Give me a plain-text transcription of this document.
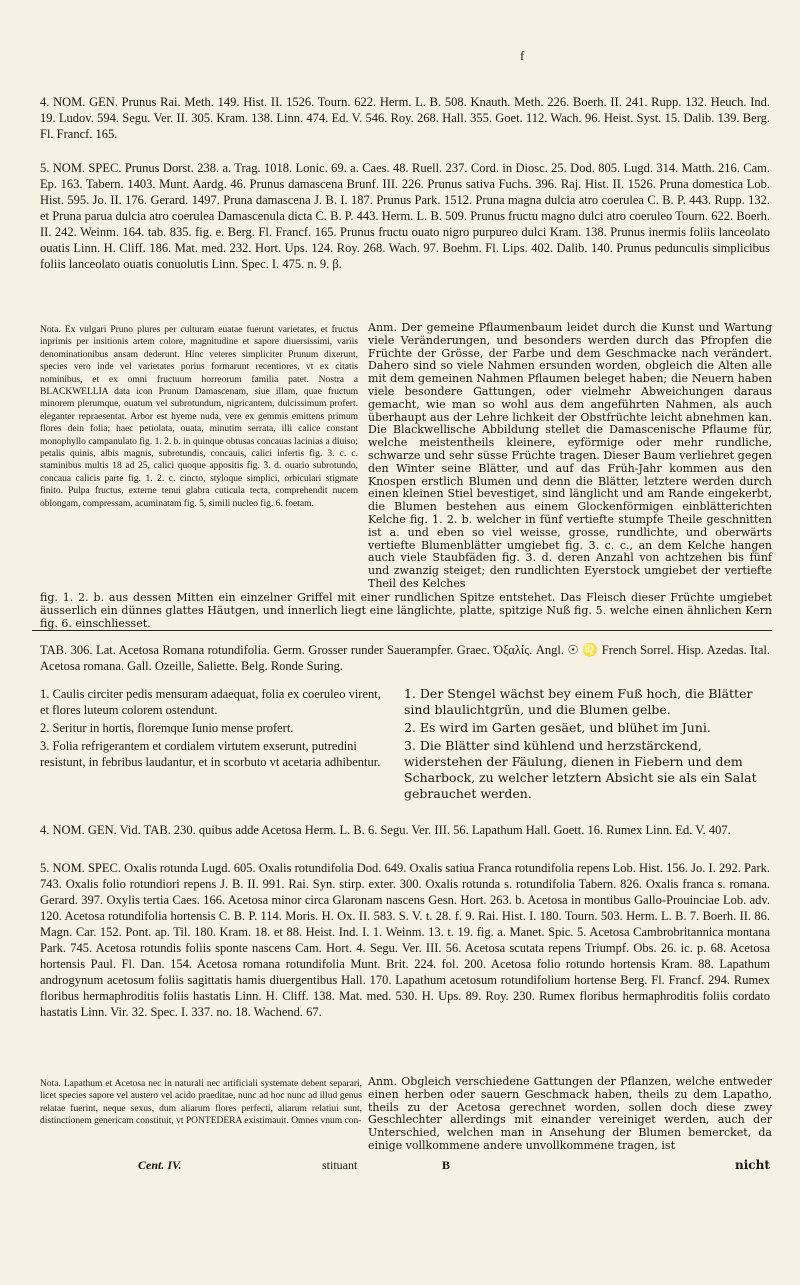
f

4. NOM. GEN. Prunus Rai. Meth. 149. Hist. II. 1526. Tourn. 622. Herm. L. B. 508. Knauth. Meth. 226. Boerh. II. 241. Rupp. 132. Heuch. Ind. 19. Ludov. 594. Segu. Ver. II. 305. Kram. 138. Linn. 474. Ed. V. 546. Roy. 268. Hall. 355. Goet. 112. Wach. 96. Heist. Syst. 15. Dalib. 139. Berg. Fl. Francf. 165.

5. NOM. SPEC. Prunus Dorst. 238. a. Trag. 1018. Lonic. 69. a. Caes. 48. Ruell. 237. Cord. in Diosc. 25. Dod. 805. Lugd. 314. Matth. 216. Cam. Ep. 163. Tabern. 1403. Munt. Aardg. 46. Prunus damascena Brunf. III. 226. Prunus sativa Fuchs. 396. Raj. Hist. II. 1526. Pruna domestica Lob. Hist. 595. Jo. II. 176. Gerard. 1497. Pruna damascena J. B. I. 187. Prunus Park. 1512. Pruna magna dulcia atro coerulea C. B. P. 443. Rupp. 132. et Pruna parua dulcia atro coerulea Damascenula dicta C. B. P. 443. Herm. L. B. 509. Prunus fructu magno dulci atro coeruleo Tourn. 622. Boerh. II. 242. Weinm. 164. tab. 835. fig. e. Berg. Fl. Francf. 165. Prunus fructu ouato nigro purpureo dulci Kram. 138. Prunus inermis foliis lanceolato ouatis Linn. H. Cliff. 186. Mat. med. 232. Hort. Ups. 124. Roy. 268. Wach. 97. Boehm. Fl. Lips. 402. Dalib. 140. Prunus pedunculis simplicibus foliis lanceolato ouatis conuolutis Linn. Spec. I. 475. n. 9. β.

Nota. Ex vulgari Pruno plures per culturam euatae fuerunt varietates, et fructus inprimis per insitionis artem colore, magnitudine et sapore diuersissimi, variis denominationibus ansam dederunt. Hinc veteres simpliciter Prunum dixerunt, species vero inde vel varietates porius formarunt recentiores, vt ex citatis nominibus, et ex omni fructuum horreorum familia patet. Nostra a BLACKWELLIA data icon Prunum Damascenam, siue illam, quae fructum minorem plerumque, ouatum vel subrotundum, nigricantem, dulcissimum profert. eleganter repraesentat. Arbor est hyeme nuda, vere ex gemmis emittens primum flores dein folia; haec petiolata, ouata, minutim serrata, illi calice constant monophyllo campanulato fig. 1. 2. b. in quinque obtusas concauas lacinias a diuiso; petalis quinis, albis magnis, subrotundis, concauis, calici infertis fig. 3. c. c. staminibus multis 18 ad 25, calici quoque appositis fig. 3. d. ouario subrotundo, concaua calicis parte fig. 1. 2. c. cincto, styloque simplici, orbiculari stigmate finito. Pulpa fructus, externe tenui glabra cuticula tecta, comprehendit nucem oblongam, compressam, acuminatam fig. 5, simili nucleo fig. 6. foetam.

Anm. Der gemeine Pflaumenbaum leidet durch die Kunst und Wartung viele Veränderungen, und besonders werden durch das Pfropfen die Früchte der Grösse, der Farbe und dem Geschmacke nach verändert. Dahero sind so viele Nahmen ersunden worden, obgleich die Alten alle mit dem gemeinen Nahmen Pflaumen beleget haben; die Neuern haben viele besondere Gattungen, oder vielmehr Abweichungen daraus gemacht, wie man so wohl aus dem angeführten Nahmen, als auch überhaupt aus der Lehre lichkeit der Obstfrüchte leicht abnehmen kan. Die Blackwellische Abbildung stellet die Damascenische Pflaume für, welche meistentheils kleinere, eyförmige oder mehr rundliche, schwarze und sehr süsse Früchte tragen. Dieser Baum verliehret gegen den Winter seine Blätter, und auf das Früh-Jahr kommen aus den Knospen erstlich Blumen und denn die Blätter, letztere werden durch einen kleinen Stiel bevestiget, sind länglicht und am Rande eingekerbt, die Blumen bestehen aus einem Glockenförmigen einblätterichten Kelche fig. 1. 2. b. welcher in fünf vertiefte stumpfe Theile geschnitten ist a. und eben so viel weisse, grosse, rundlichte, und oberwärts vertiefte Blumenblätter umgiebet fig. 3. c. c., an dem Kelche hangen auch viele Staubfäden fig. 3. d. deren Anzahl von achtzehen bis fünf und zwanzig steiget; den rundlichten Eyerstock umgiebet der vertiefte Theil des Kelches

fig. 1. 2. b. aus dessen Mitten ein einzelner Griffel mit einer rundlichen Spitze entstehet. Das Fleisch dieser Früchte umgiebet äusserlich ein dünnes glattes Häutgen, und innerlich liegt eine länglichte, platte, spitzige Nuß fig. 5. welche einen ähnlichen Kern fig. 6. einschliesset.

TAB. 306. Lat. Acetosa Romana rotundifolia. Germ. Grosser runder Sauerampfer. Graec. Ὀξαλίς. Angl. ☉ ♌ French Sorrel. Hisp. Azedas. Ital. Acetosa romana. Gall. Ozeille, Saliette. Belg. Ronde Suring.

1. Caulis circiter pedis mensuram adaequat, folia ex coeruleo virent, et flores luteum colorem ostendunt.

2. Seritur in hortis, floremque Iunio mense profert.

3. Folia refrigerantem et cordialem virtutem exserunt, putredini resistunt, in febribus laudantur, et in scorbuto vt acetaria adhibentur.

1. Der Stengel wächst bey einem Fuß hoch, die Blätter sind blaulichtgrün, und die Blumen gelbe.

2. Es wird im Garten gesäet, und blühet im Juni.

3. Die Blätter sind kühlend und herzstärckend, widerstehen der Fäulung, dienen in Fiebern und dem Scharbock, zu welcher letztern Absicht sie als ein Salat gebrauchet werden.

4. NOM. GEN. Vid. TAB. 230. quibus adde Acetosa Herm. L. B. 6. Segu. Ver. III. 56. Lapathum Hall. Goett. 16. Rumex Linn. Ed. V. 407.

5. NOM. SPEC. Oxalis rotunda Lugd. 605. Oxalis rotundifolia Dod. 649. Oxalis satiua Franca rotundifolia repens Lob. Hist. 156. Jo. I. 292. Park. 743. Oxalis folio rotundiori repens J. B. II. 991. Rai. Syn. stirp. exter. 300. Oxalis rotunda s. rotundifolia Tabern. 826. Oxalis franca s. romana. Gerard. 397. Oxylis tertia Caes. 166. Acetosa minor circa Glaronam nascens Gesn. Hort. 263. b. Acetosa in montibus Gallo-Prouinciae Lob. adv. 120. Acetosa rotundifolia hortensis C. B. P. 114. Moris. H. Ox. II. 583. S. V. t. 28. f. 9. Rai. Hist. I. 180. Tourn. 503. Herm. L. B. 7. Boerh. II. 86. Magn. Car. 152. Pont. ap. Til. 180. Kram. 18. et 88. Heist. Ind. I. 1. Weinm. 13. t. 19. fig. a. Manet. Spic. 5. Acetosa Cambrobritannica montana Park. 745. Acetosa rotundis foliis sponte nascens Cam. Hort. 4. Segu. Ver. III. 56. Acetosa scutata repens Triumpf. Obs. 26. ic. p. 68. Acetosa hortensis Paul. Fl. Dan. 154. Acetosa romana rotundifolia Munt. Brit. 224. fol. 200. Acetosa folio rotundo hortensis Kram. 88. Lapathum androgynum acetosum foliis sagittatis hamis diuergentibus Hall. 170. Lapathum acetosum rotundifolium hortense Berg. Fl. Francf. 294. Rumex floribus hermaphroditis foliis hastatis Linn. H. Cliff. 138. Mat. med. 530. H. Ups. 89. Roy. 230. Rumex floribus hermaphroditis foliis cordato hastatis Linn. Vir. 32. Spec. I. 337. no. 18. Wachend. 67.

Nota. Lapathum et Acetosa nec in naturali nec artificiali systemate debent separari, licet species sapore vel austero vel acido praeditae, nunc ad hoc nunc ad illud genus relatae fuerint, neque sexus, dum aliarum flores perfecti, aliarum relatiui sunt, distinctionem genericam constituit, vt PONTEDERA existimauit. Omnes vnum con-

Anm. Obgleich verschiedene Gattungen der Pflanzen, welche entweder einen herben oder sauern Geschmack haben, theils zu dem Lapatho, theils zu der Acetosa gerechnet worden, sollen doch diese zwey Geschlechter allerdings mit einander vereiniget werden, auch der Unterschied, welchen man in Ansehung der Blumen bemercket, da einige vollkommene andere unvollkommene tragen, ist

Cent. IV.	stituant	B	nicht
